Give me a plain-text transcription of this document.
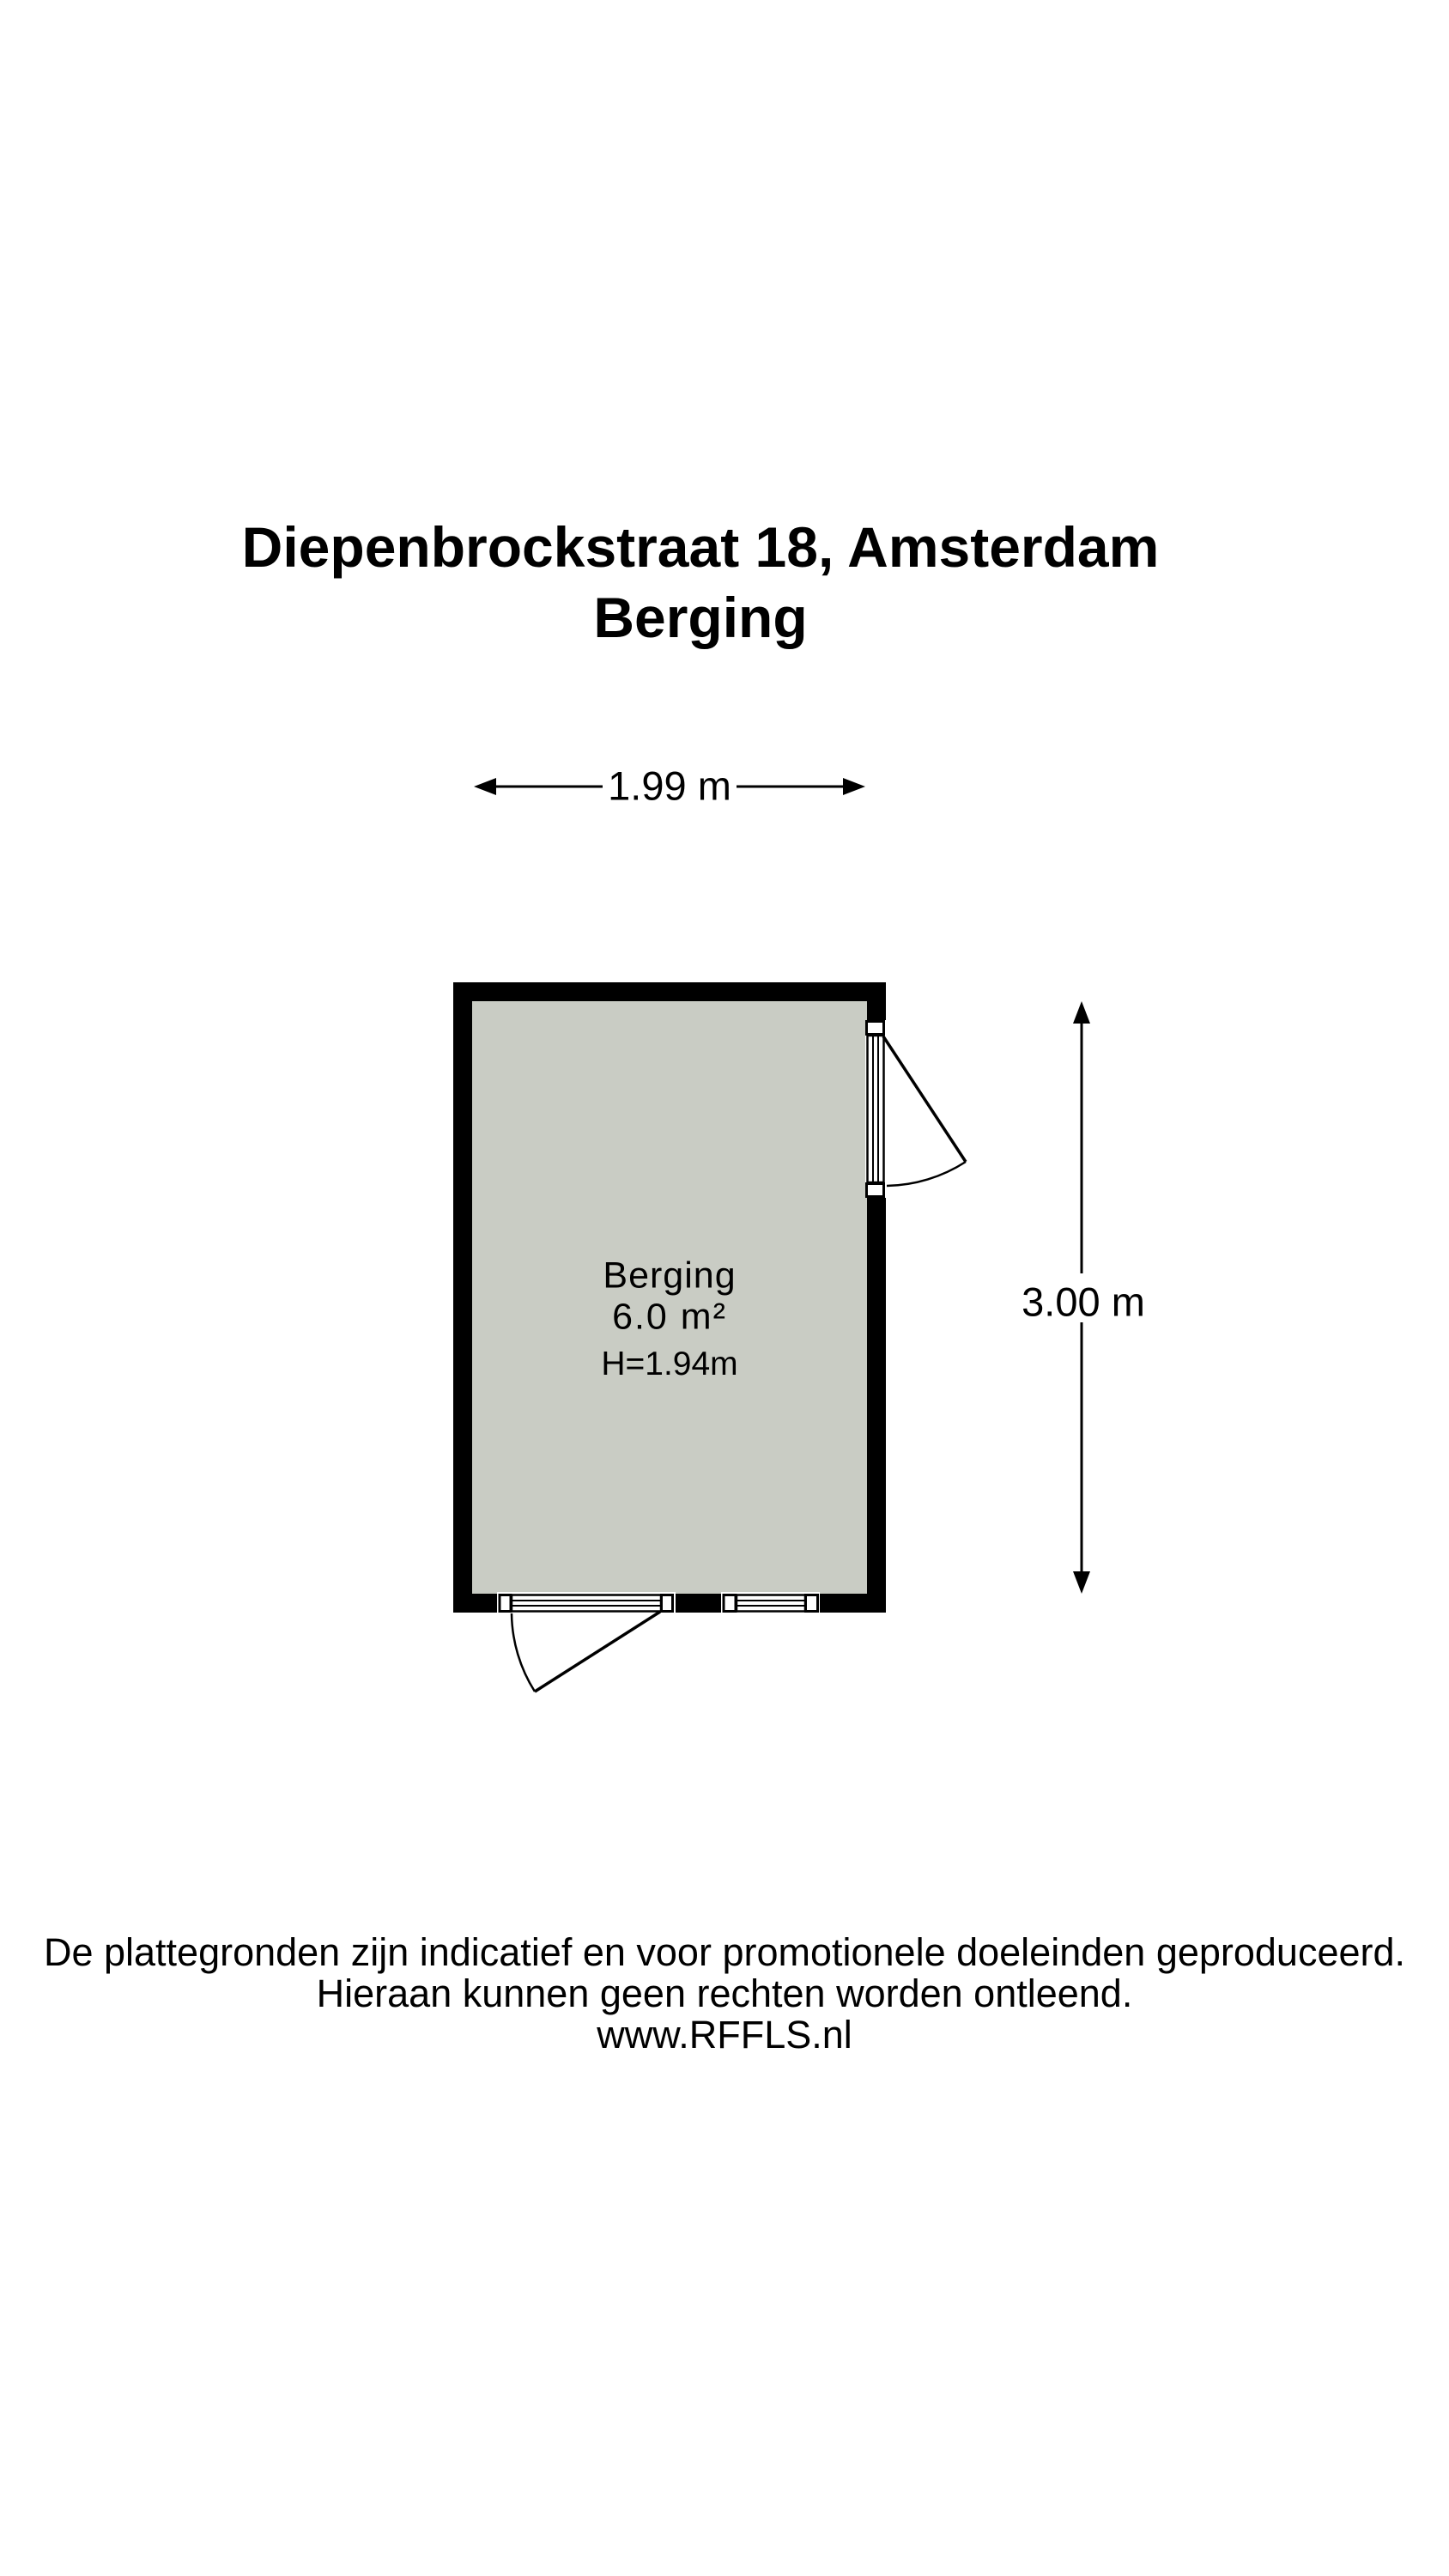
Diepenbrockstraat 18, Amsterdam
Berging
1.99 m
3.00 m
Berging
6.0 m²
H=1.94m
De plattegronden zijn indicatief en voor promotionele doeleinden geproduceerd.
Hieraan kunnen geen rechten worden ontleend.
www.RFFLS.nl
